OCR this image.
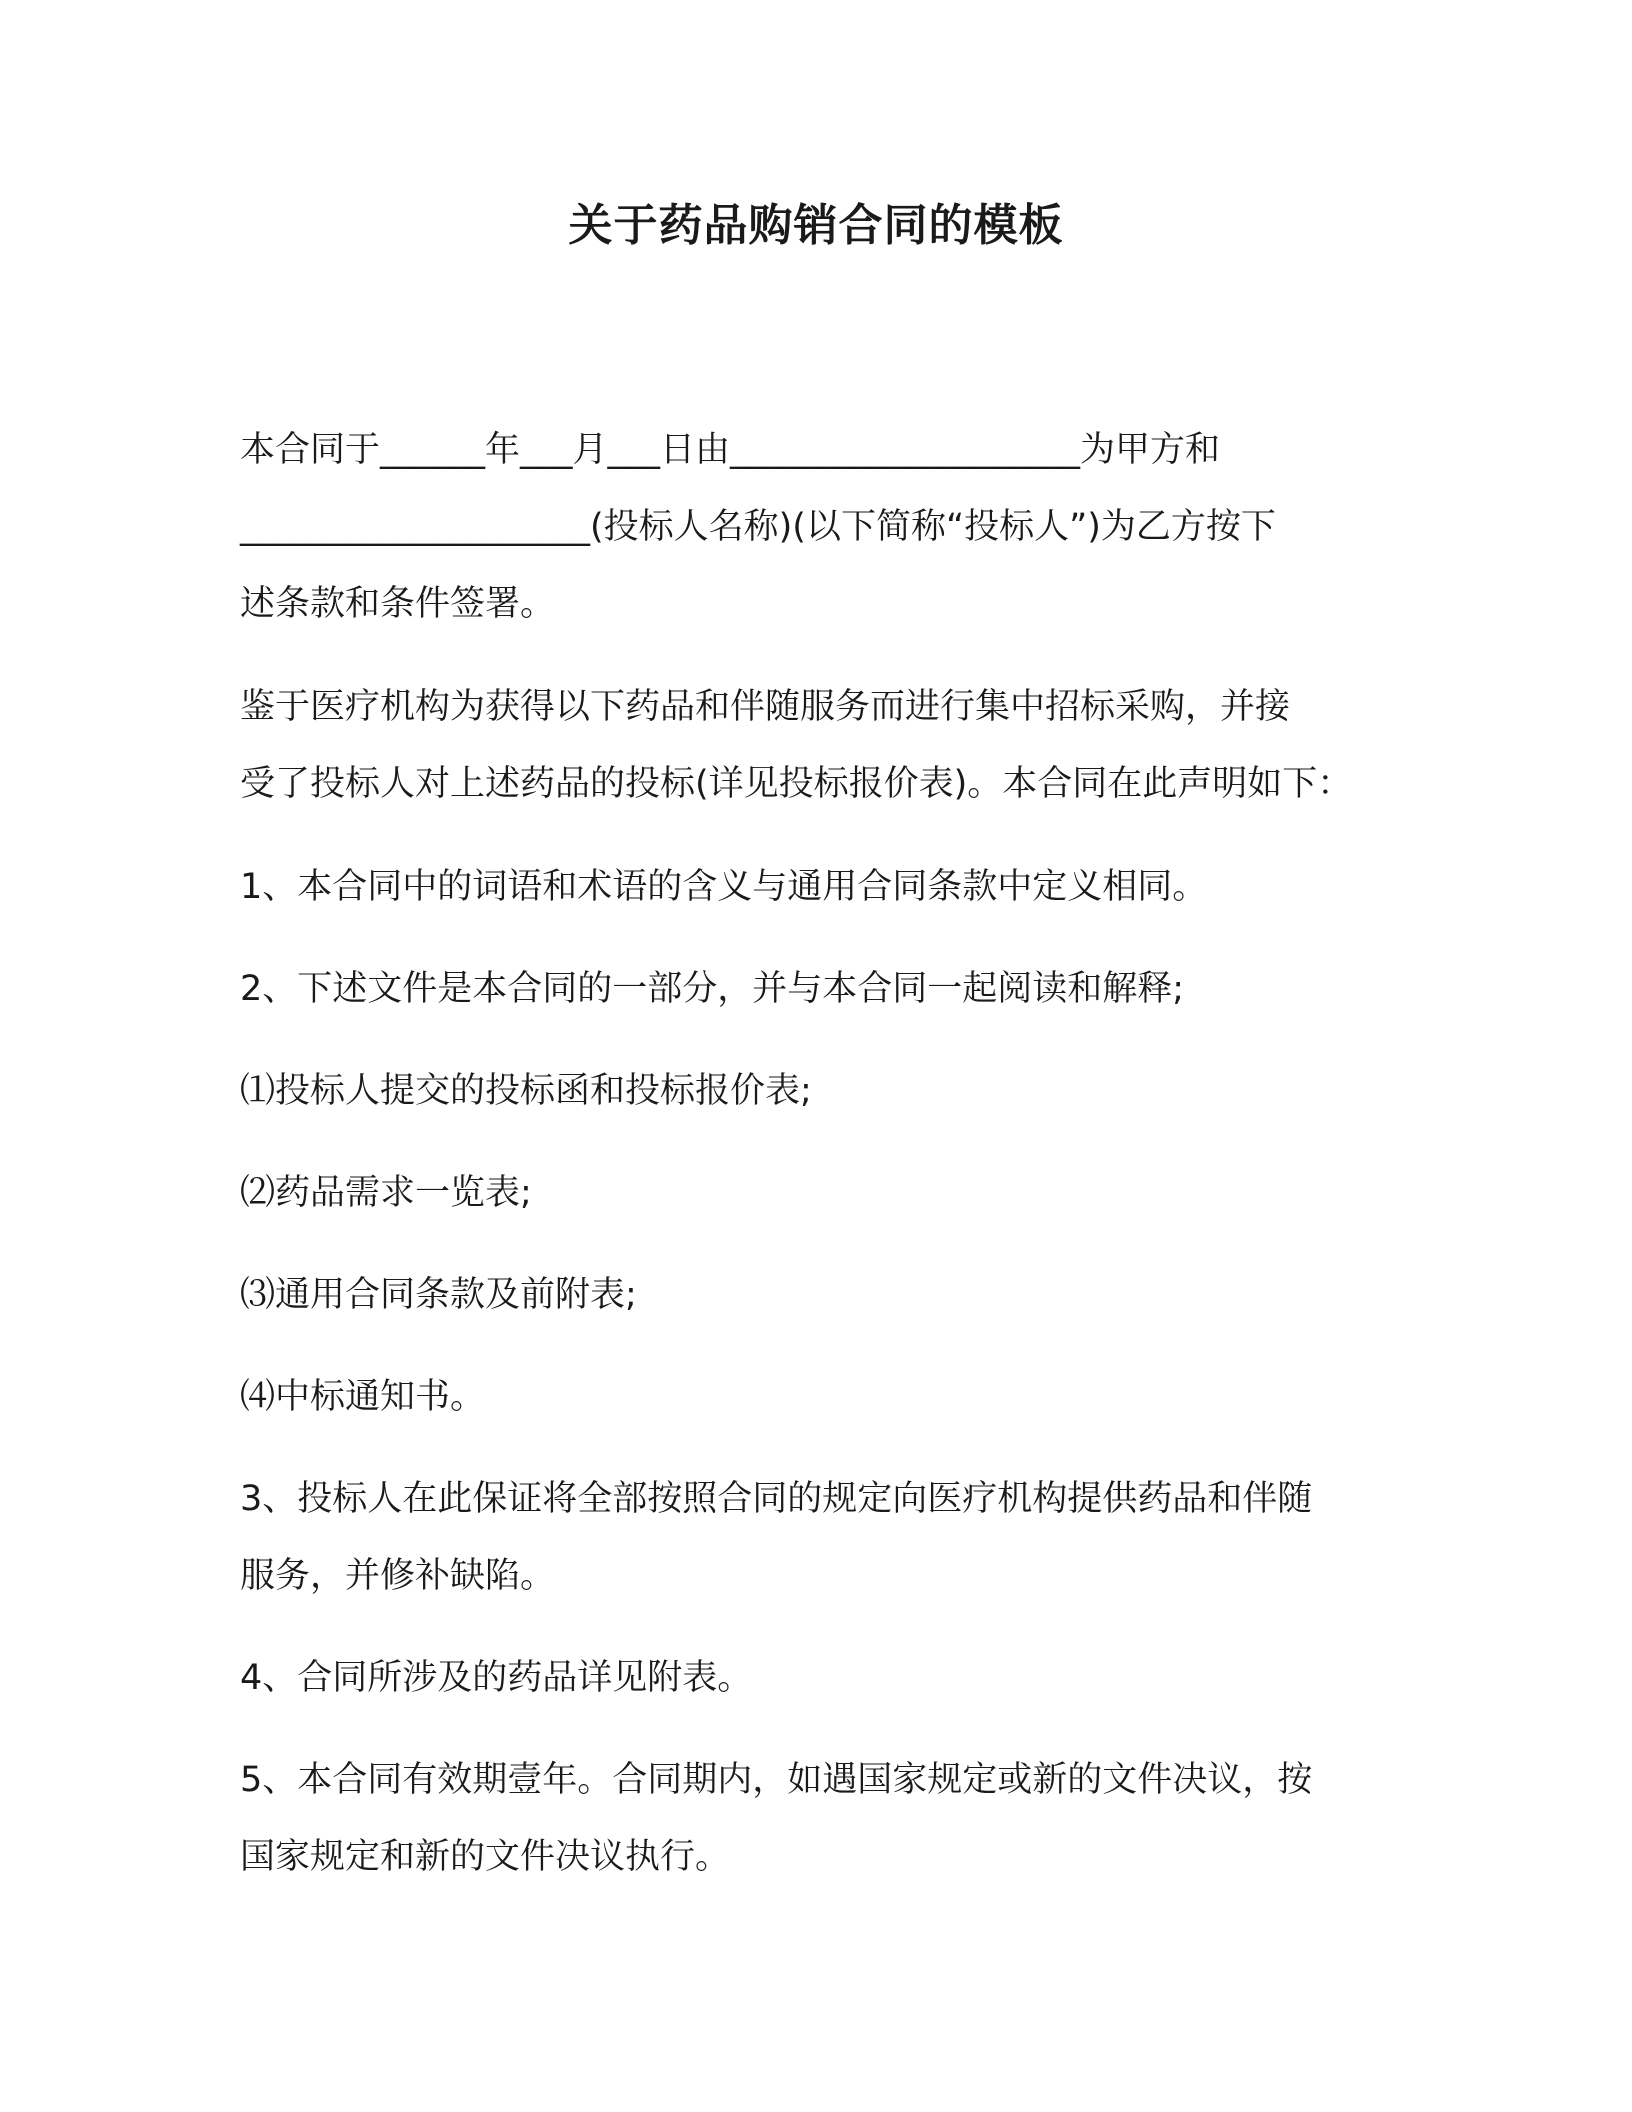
关于药品购销合同的模板

本合同于______年___月___日由____________________为甲方和
____________________(投标人名称)(以下简称“投标人”)为乙方按下
述条款和条件签署。

鉴于医疗机构为获得以下药品和伴随服务而进行集中招标采购，并接
受了投标人对上述药品的投标(详见投标报价表)。本合同在此声明如下：

1、本合同中的词语和术语的含义与通用合同条款中定义相同。

2、下述文件是本合同的一部分，并与本合同一起阅读和解释;

⑴投标人提交的投标函和投标报价表;

⑵药品需求一览表;

⑶通用合同条款及前附表;

⑷中标通知书。

3、投标人在此保证将全部按照合同的规定向医疗机构提供药品和伴随
服务，并修补缺陷。

4、合同所涉及的药品详见附表。

5、本合同有效期壹年。合同期内，如遇国家规定或新的文件决议，按
国家规定和新的文件决议执行。
